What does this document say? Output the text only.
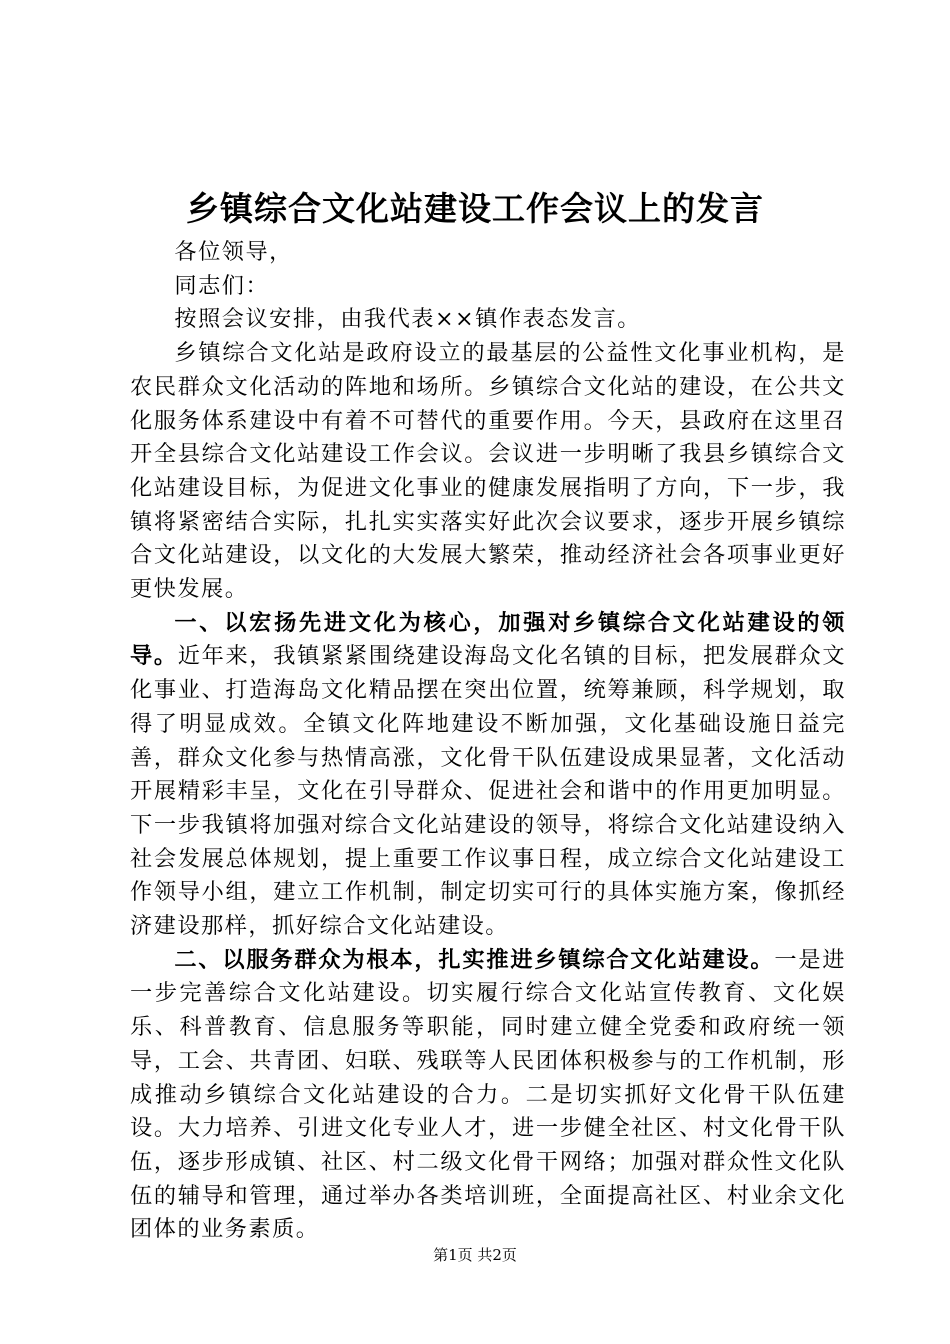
乡镇综合文化站建设工作会议上的发言

各位领导，

同志们：

按照会议安排，由我代表××镇作表态发言。

乡镇综合文化站是政府设立的最基层的公益性文化事业机构，是农民群众文化活动的阵地和场所。乡镇综合文化站的建设，在公共文化服务体系建设中有着不可替代的重要作用。今天，县政府在这里召开全县综合文化站建设工作会议。会议进一步明晰了我县乡镇综合文化站建设目标，为促进文化事业的健康发展指明了方向，下一步，我镇将紧密结合实际，扎扎实实落实好此次会议要求，逐步开展乡镇综合文化站建设，以文化的大发展大繁荣，推动经济社会各项事业更好更快发展。

一、以宏扬先进文化为核心，加强对乡镇综合文化站建设的领导。近年来，我镇紧紧围绕建设海岛文化名镇的目标，把发展群众文化事业、打造海岛文化精品摆在突出位置，统筹兼顾，科学规划，取得了明显成效。全镇文化阵地建设不断加强，文化基础设施日益完善，群众文化参与热情高涨，文化骨干队伍建设成果显著，文化活动开展精彩丰呈，文化在引导群众、促进社会和谐中的作用更加明显。下一步我镇将加强对综合文化站建设的领导，将综合文化站建设纳入社会发展总体规划，提上重要工作议事日程，成立综合文化站建设工作领导小组，建立工作机制，制定切实可行的具体实施方案，像抓经济建设那样，抓好综合文化站建设。

二、以服务群众为根本，扎实推进乡镇综合文化站建设。一是进一步完善综合文化站建设。切实履行综合文化站宣传教育、文化娱乐、科普教育、信息服务等职能，同时建立健全党委和政府统一领导，工会、共青团、妇联、残联等人民团体积极参与的工作机制，形成推动乡镇综合文化站建设的合力。二是切实抓好文化骨干队伍建设。大力培养、引进文化专业人才，进一步健全社区、村文化骨干队伍，逐步形成镇、社区、村二级文化骨干网络；加强对群众性文化队伍的辅导和管理，通过举办各类培训班，全面提高社区、村业余文化团体的业务素质。

第1页 共2页
